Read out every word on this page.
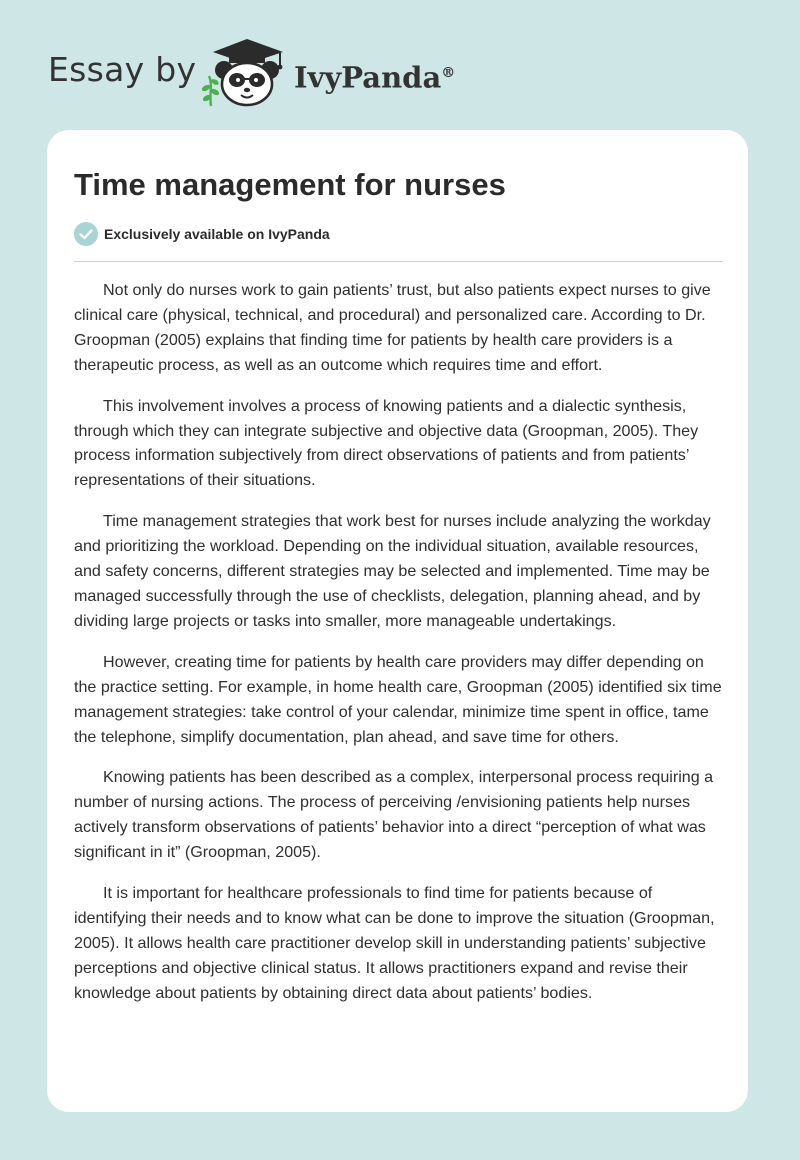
Essay by	IvyPanda®
Time management for nurses
Exclusively available on IvyPanda

Not only do nurses work to gain patients’ trust, but also patients expect nurses to give clinical care (physical, technical, and procedural) and personalized care. According to Dr. Groopman (2005) explains that finding time for patients by health care providers is a therapeutic process, as well as an outcome which requires time and effort.

This involvement involves a process of knowing patients and a dialectic synthesis, through which they can integrate subjective and objective data (Groopman, 2005). They process information subjectively from direct observations of patients and from patients’ representations of their situations.

Time management strategies that work best for nurses include analyzing the workday and prioritizing the workload. Depending on the individual situation, available resources, and safety concerns, different strategies may be selected and implemented. Time may be managed successfully through the use of checklists, delegation, planning ahead, and by dividing large projects or tasks into smaller, more manageable undertakings.

However, creating time for patients by health care providers may differ depending on the practice setting. For example, in home health care, Groopman (2005) identified six time management strategies: take control of your calendar, minimize time spent in office, tame the telephone, simplify documentation, plan ahead, and save time for others.

Knowing patients has been described as a complex, interpersonal process requiring a number of nursing actions. The process of perceiving /envisioning patients help nurses actively transform observations of patients’ behavior into a direct “perception of what was significant in it” (Groopman, 2005).

It is important for healthcare professionals to find time for patients because of identifying their needs and to know what can be done to improve the situation (Groopman, 2005). It allows health care practitioner develop skill in understanding patients’ subjective perceptions and objective clinical status. It allows practitioners expand and revise their knowledge about patients by obtaining direct data about patients’ bodies.
